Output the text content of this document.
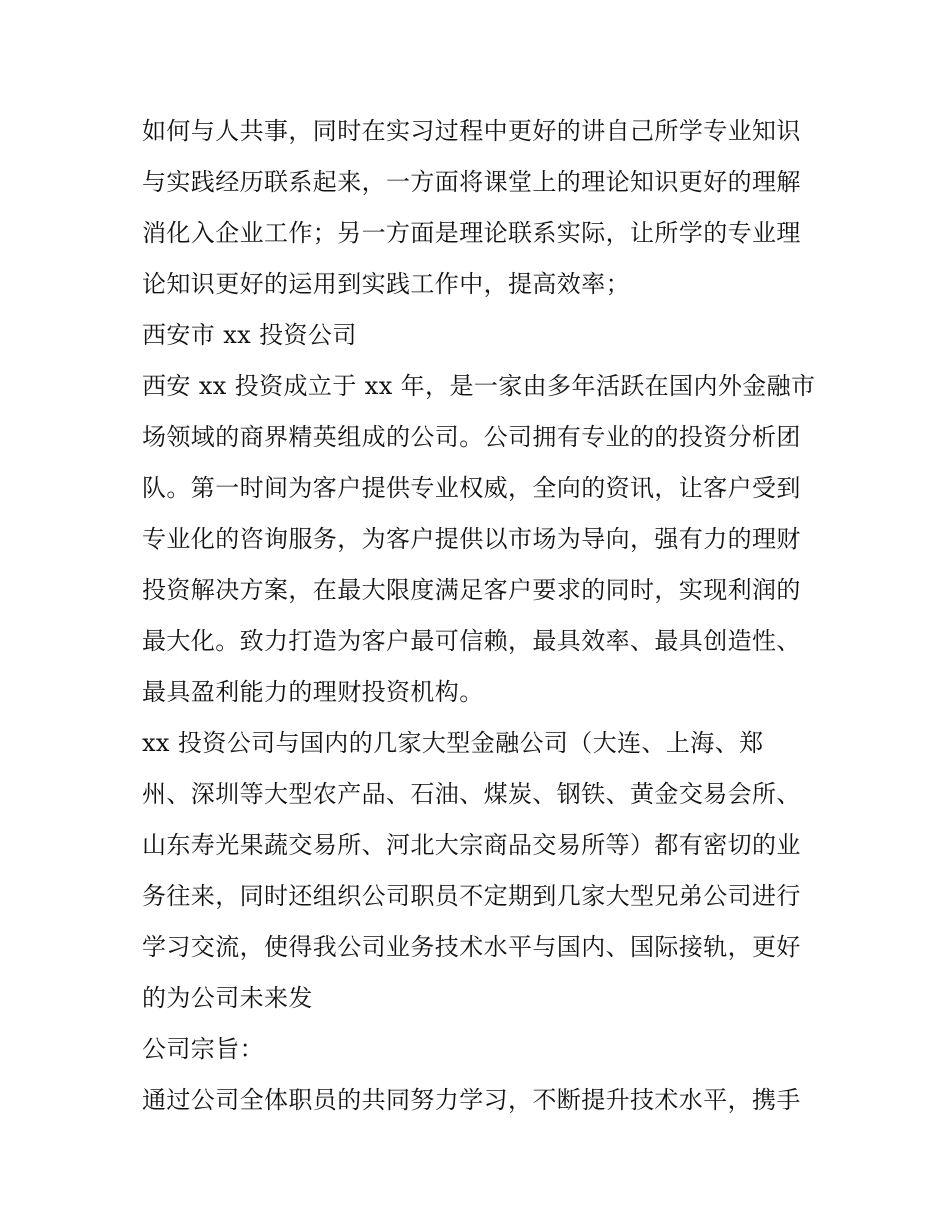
如何与人共事，同时在实习过程中更好的讲自己所学专业知识
与实践经历联系起来，一方面将课堂上的理论知识更好的理解
消化入企业工作；另一方面是理论联系实际，让所学的专业理
论知识更好的运用到实践工作中，提高效率；
西安市 xx 投资公司
西安 xx 投资成立于 xx 年，是一家由多年活跃在国内外金融市
场领域的商界精英组成的公司。公司拥有专业的的投资分析团
队。第一时间为客户提供专业权威，全向的资讯，让客户受到
专业化的咨询服务，为客户提供以市场为导向，强有力的理财
投资解决方案，在最大限度满足客户要求的同时，实现利润的
最大化。致力打造为客户最可信赖，最具效率、最具创造性、
最具盈利能力的理财投资机构。
xx 投资公司与国内的几家大型金融公司（大连、上海、郑
州、深圳等大型农产品、石油、煤炭、钢铁、黄金交易会所、
山东寿光果蔬交易所、河北大宗商品交易所等）都有密切的业
务往来，同时还组织公司职员不定期到几家大型兄弟公司进行
学习交流，使得我公司业务技术水平与国内、国际接轨，更好
的为公司未来发
公司宗旨：
通过公司全体职员的共同努力学习，不断提升技术水平，携手
